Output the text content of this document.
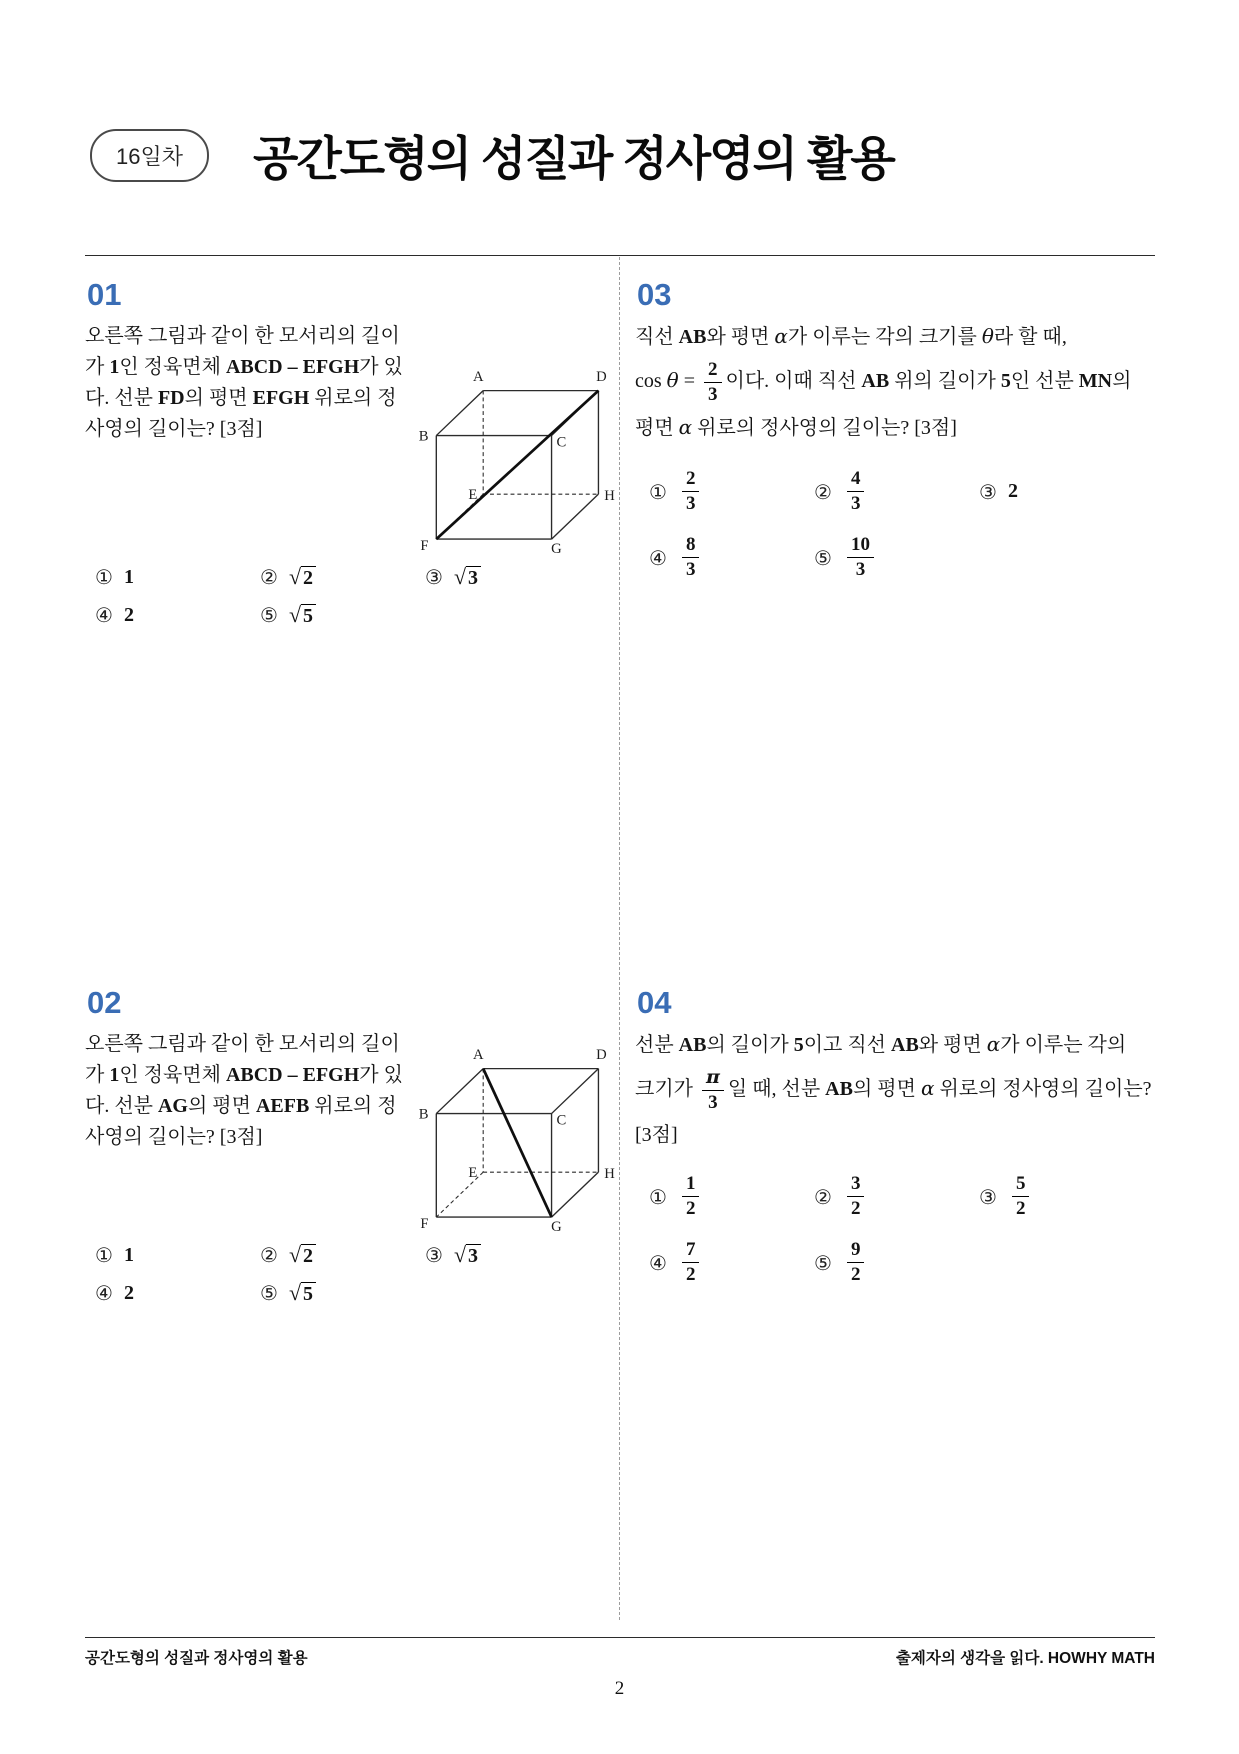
16일차	공간도형의 성질과 정사영의 활용
01
오른쪽 그림과 같이 한 모서리의 길이
가 1인 정육면체 ABCD – EFGH가 있
다. 선분 FD의 평면 EFGH 위로의 정
사영의 길이는? [3점]
A	D
B	C
E	H
F	G
① 1	② √ 2	③ √ 3
④ 2	⑤ √ 5
02
오른쪽 그림과 같이 한 모서리의 길이
가 1인 정육면체 ABCD – EFGH가 있
다. 선분 AG의 평면 AEFB 위로의 정
사영의 길이는? [3점]
A	D
B	C
E	H
F	G
① 1	② √ 2	③ √ 3
④ 2	⑤ √ 5
03
직선 AB와 평면 α가 이루는 각의 크기를 θ라 할 때,
$\cos \theta = \frac{2}{3}$ 이다. 이때 직선 AB 위의 길이가 5인 선분 MN의
평면 α 위로의 정사영의 길이는? [3점]
① $\frac{2}{3}$	② $\frac{4}{3}$	③ 2
④ $\frac{8}{3}$	⑤ $\frac{10}{3}$
04
선분 AB의 길이가 5이고 직선 AB와 평면 α가 이루는 각의
크기가 $\frac{\pi}{3}$ 일 때, 선분 AB의 평면 α 위로의 정사영의 길이는?
[3점]
① $\frac{1}{2}$	② $\frac{3}{2}$	③ $\frac{5}{2}$
④ $\frac{7}{2}$	⑤ $\frac{9}{2}$
공간도형의 성질과 정사영의 활용	출제자의 생각을 읽다. HOWHY MATH
2
